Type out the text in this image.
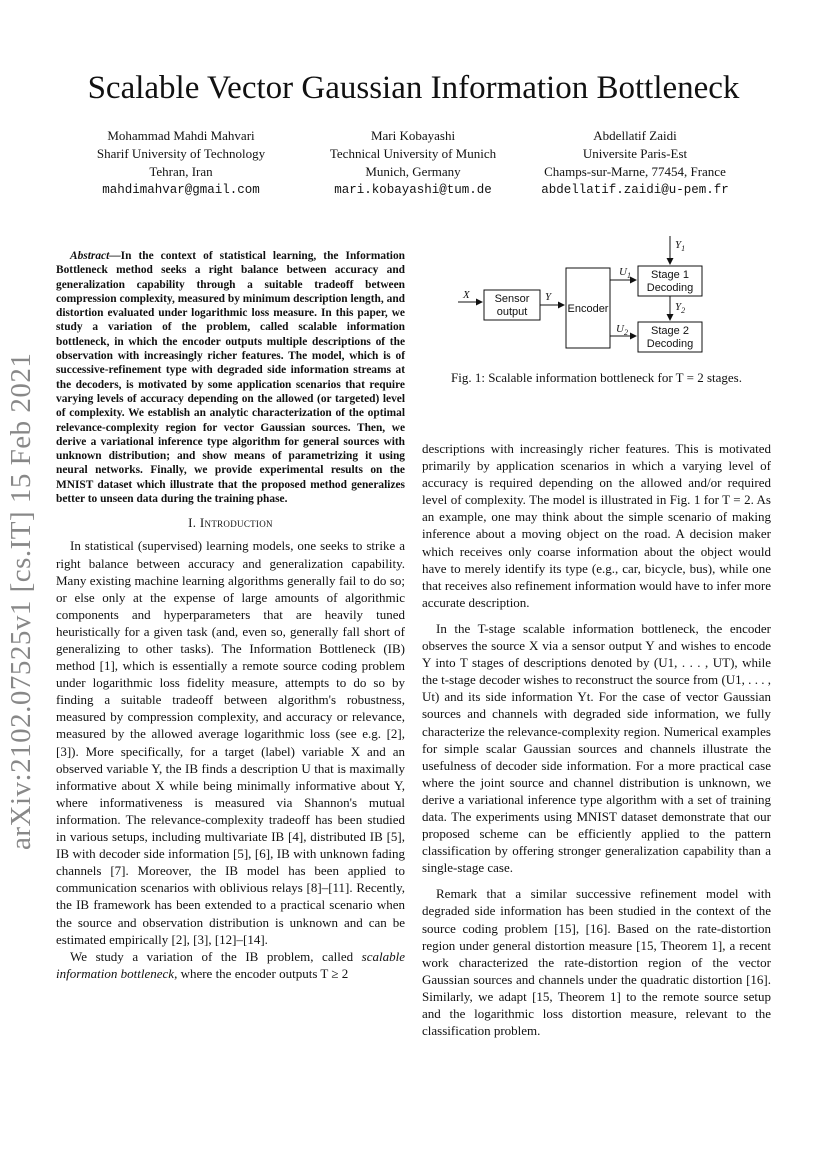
Scalable Vector Gaussian Information Bottleneck
Mohammad Mahdi Mahvari
Sharif University of Technology
Tehran, Iran
mahdimahvar@gmail.com
Mari Kobayashi
Technical University of Munich
Munich, Germany
mari.kobayashi@tum.de
Abdellatif Zaidi
Universite Paris-Est
Champs-sur-Marne, 77454, France
abdellatif.zaidi@u-pem.fr
arXiv:2102.07525v1 [cs.IT] 15 Feb 2021

Abstract—In the context of statistical learning, the Information Bottleneck method seeks a right balance between accuracy and generalization capability through a suitable tradeoff between compression complexity, measured by minimum description length, and distortion evaluated under logarithmic loss measure. In this paper, we study a variation of the problem, called scalable information bottleneck, in which the encoder outputs multiple descriptions of the observation with increasingly richer features. The model, which is of successive-refinement type with degraded side information streams at the decoders, is motivated by some application scenarios that require varying levels of accuracy depending on the allowed (or targeted) level of complexity. We establish an analytic characterization of the optimal relevance-complexity region for vector Gaussian sources. Then, we derive a variational inference type algorithm for general sources with unknown distribution; and show means of parametrizing it using neural networks. Finally, we provide experimental results on the MNIST dataset which illustrate that the proposed method generalizes better to unseen data during the training phase.

I. Introduction

In statistical (supervised) learning models, one seeks to strike a right balance between accuracy and generalization capability. Many existing machine learning algorithms generally fail to do so; or else only at the expense of large amounts of algorithmic components and hyperparameters that are heavily tuned heuristically for a given task (and, even so, generally fall short of generalizing to other tasks). The Information Bottleneck (IB) method [1], which is essentially a remote source coding problem under logarithmic loss fidelity measure, attempts to do so by finding a suitable tradeoff between algorithm's robustness, measured by compression complexity, and accuracy or relevance, measured by the allowed average logarithmic loss (see e.g. [2], [3]). More specifically, for a target (label) variable X and an observed variable Y, the IB finds a description U that is maximally informative about X while being minimally informative about Y, where informativeness is measured via Shannon's mutual information. The relevance-complexity tradeoff has been studied in various setups, including multivariate IB [4], distributed IB [5], IB with decoder side information [5], [6], IB with unknown fading channels [7]. Moreover, the IB model has been applied to communication scenarios with oblivious relays [8]–[11]. Recently, the IB framework has been extended to a practical scenario when the source and observation distribution is unknown and can be estimated empirically [2], [3], [12]–[14].

We study a variation of the IB problem, called scalable information bottleneck, where the encoder outputs T ≥ 2

X Sensor
output
Y
Encoder
$U_1$
$U_2$
Stage 1
Decoding
Stage 2
Decoding
$Y_1$
$Y_2$
Fig. 1: Scalable information bottleneck for T = 2 stages.

descriptions with increasingly richer features. This is motivated primarily by application scenarios in which a varying level of accuracy is required depending on the allowed and/or required level of complexity. The model is illustrated in Fig. 1 for T = 2. As an example, one may think about the simple scenario of making inference about a moving object on the road. A decision maker which receives only coarse information about the object would have to merely identify its type (e.g., car, bicycle, bus), while one that receives also refinement information would have to infer more accurate description.

In the T-stage scalable information bottleneck, the encoder observes the source X via a sensor output Y and wishes to encode Y into T stages of descriptions denoted by (U1, . . . , UT), while the t-stage decoder wishes to reconstruct the source from (U1, . . . , Ut) and its side information Yt. For the case of vector Gaussian sources and channels with degraded side information, we fully characterize the relevance-complexity region. Numerical examples for simple scalar Gaussian sources and channels illustrate the usefulness of decoder side information. For a more practical case where the joint source and channel distribution is unknown, we derive a variational inference type algorithm with a set of training data. The experiments using MNIST dataset demonstrate that our proposed scheme can be efficiently applied to the pattern classification by offering stronger generalization capability than a single-stage case.

Remark that a similar successive refinement model with degraded side information has been studied in the context of the source coding problem [15], [16]. Based on the rate-distortion region under general distortion measure [15, Theorem 1], a recent work characterized the rate-distortion region of the vector Gaussian sources and channels under the quadratic distortion [16]. Similarly, we adapt [15, Theorem 1] to the remote source setup and the logarithmic loss distortion measure, relevant to the classification problem.
